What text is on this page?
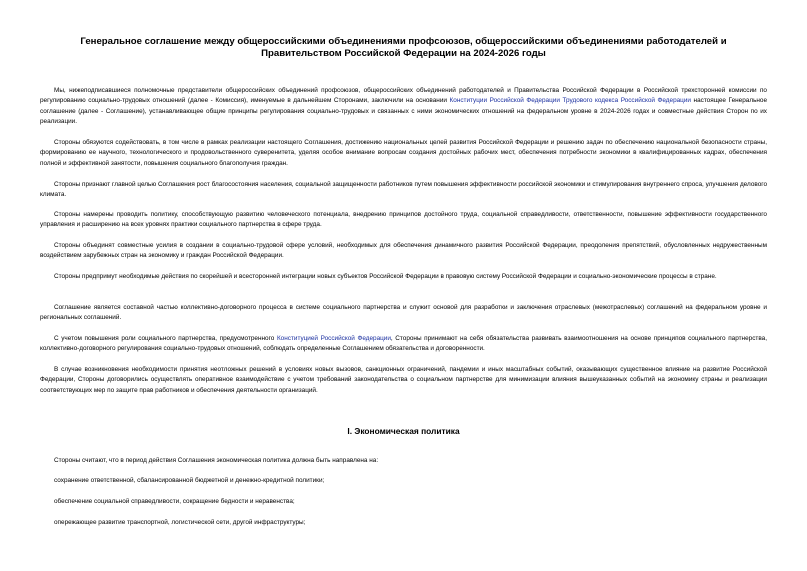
Генеральное соглашение между общероссийскими объединениями профсоюзов, общероссийскими объединениями работодателей и Правительством Российской Федерации на 2024-2026 годы
Мы, нижеподписавшиеся полномочные представители общероссийских объединений профсоюзов, общероссийских объединений работодателей и Правительства Российской Федерации в Российской трехсторонней комиссии по регулированию социально-трудовых отношений (далее - Комиссия), именуемые в дальнейшем Сторонами, заключили на основании Конституции Российской Федерации Трудового кодекса Российской Федерации настоящее Генеральное соглашение (далее - Соглашение), устанавливающее общие принципы регулирования социально-трудовых и связанных с ними экономических отношений на федеральном уровне в 2024-2026 годах и совместные действия Сторон по их реализации.
Стороны обязуются содействовать, в том числе в рамках реализации настоящего Соглашения, достижению национальных целей развития Российской Федерации и решению задач по обеспечению национальной безопасности страны, формированию ее научного, технологического и продовольственного суверенитета, уделяя особое внимание вопросам создания достойных рабочих мест, обеспечения потребности экономики в квалифицированных кадрах, обеспечения полной и эффективной занятости, повышения социального благополучия граждан.
Стороны признают главной целью Соглашения рост благосостояния населения, социальной защищенности работников путем повышения эффективности российской экономики и стимулирования внутреннего спроса, улучшения делового климата.
Стороны намерены проводить политику, способствующую развитию человеческого потенциала, внедрению принципов достойного труда, социальной справедливости, ответственности, повышение эффективности государственного управления и расширению на всех уровнях практики социального партнерства в сфере труда.
Стороны объединят совместные усилия в создании в социально-трудовой сфере условий, необходимых для обеспечения динамичного развития Российской Федерации, преодоления препятствий, обусловленных недружественным воздействием зарубежных стран на экономику и граждан Российской Федерации.
Стороны предпримут необходимые действия по скорейшей и всесторонней интеграции новых субъектов Российской Федерации в правовую систему Российской Федерации и социально-экономические процессы в стране.
Соглашение является составной частью коллективно-договорного процесса в системе социального партнерства и служит основой для разработки и заключения отраслевых (межотраслевых) соглашений на федеральном уровне и региональных соглашений.
С учетом повышения роли социального партнерства, предусмотренного Конституцией Российской Федерации, Стороны принимают на себя обязательства развивать взаимоотношения на основе принципов социального партнерства, коллективно-договорного регулирования социально-трудовых отношений, соблюдать определенные Соглашением обязательства и договоренности.
В случае возникновения необходимости принятия неотложных решений в условиях новых вызовов, санкционных ограничений, пандемии и иных масштабных событий, оказывающих существенное влияние на развитие Российской Федерации, Стороны договорились осуществлять оперативное взаимодействие с учетом требований законодательства о социальном партнерстве для минимизации влияния вышеуказанных событий на экономику страны и реализации соответствующих мер по защите прав работников и обеспечения деятельности организаций.
I. Экономическая политика
Стороны считают, что в период действия Соглашения экономическая политика должна быть направлена на:
сохранение ответственной, сбалансированной бюджетной и денежно-кредитной политики;
обеспечение социальной справедливости, сокращение бедности и неравенства;
опережающее развитие транспортной, логистической сети, другой инфраструктуры;
